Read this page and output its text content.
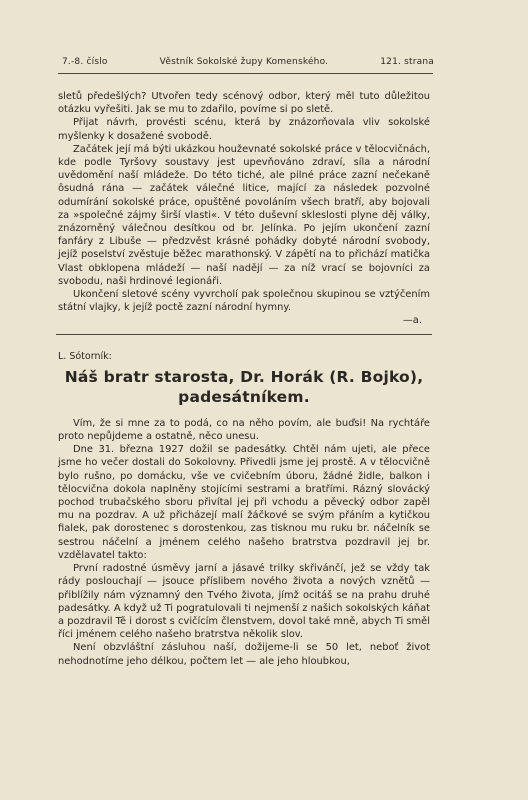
7.-8. číslo	Věstník Sokolské župy Komenského.	121. strana

sletů předešlých? Utvořen tedy scénový odbor, který měl tuto důležitou otázku vyřešiti. Jak se mu to zdařilo, povíme si po sletě.

Přijat návrh, provésti scénu, která by znázorňovala vliv sokolské myšlenky k dosažené svobodě.

Začátek její má býti ukázkou houževnaté sokolské práce v tělocvičnách, kde podle Tyršovy soustavy jest upevňováno zdraví, síla a národní uvědomění naší mládeže. Do této tiché, ale pilné práce zazní nečekaně ôsudná rána — začátek válečné litice, mající za následek pozvolné odumírání sokolské práce, opuštěné povoláním všech bratří, aby bojovali za »společné zájmy širší vlasti«. V této duševní skleslosti plyne děj války, znázorněný válečnou desítkou od br. Jelínka. Po jejím ukončení zazní fanfáry z Libuše — předzvěst krásné pohádky dobyté národní svobody, jejíž poselství zvěstuje běžec marathonský. V zápětí na to přichází matička Vlast obklopena mládeží — naší nadějí — za níž vrací se bojovníci za svobodu, naši hrdinové legionáři.

Ukončení sletové scény vyvrcholí pak společnou skupinou se vztýčením státní vlajky, k jejíž poctě zazní národní hymny.

—a.

L. Sótorník:
Náš bratr starosta, Dr. Horák (R. Bojko), padesátníkem.

Vím, že si mne za to podá, co na něho povím, ale buďsi! Na rychtáře proto nepůjdeme a ostatně, něco unesu.

Dne 31. března 1927 dožil se padesátky. Chtěl nám ujeti, ale přece jsme ho večer dostali do Sokolovny. Přivedli jsme jej prostě. A v tělocvičně bylo rušno, po domácku, vše ve cvičebním úboru, žádné židle, balkon i tělocvična dokola naplněny stojícími sestrami a bratřími. Rázný slovácký pochod trubačského sboru přivítal jej při vchodu a pěvecký odbor zapěl mu na pozdrav. A už přicházejí malí žáčkové se svým přáním a kytičkou fialek, pak dorostenec s dorostenkou, zas tisknou mu ruku br. náčelník se sestrou náčelní a jménem celého našeho bratrstva pozdravil jej br. vzdělavatel takto:

První radostné úsměvy jarní a jásavé trilky skřivánčí, jež se vždy tak rády poslouchají — jsouce příslibem nového života a nových vznětů — přiblížily nám významný den Tvého života, jímž ocitáš se na prahu druhé padesátky. A když už Ti pogratulovali ti nejmenší z našich sokolských káňat a pozdravil Tě i dorost s cvičícím členstvem, dovol také mně, abych Ti směl říci jménem celého našeho bratrstva několik slov.

Není obzvláštní zásluhou naší, dožijeme-li se 50 let, neboť život nehodnotíme jeho délkou, počtem let — ale jeho hloubkou,
